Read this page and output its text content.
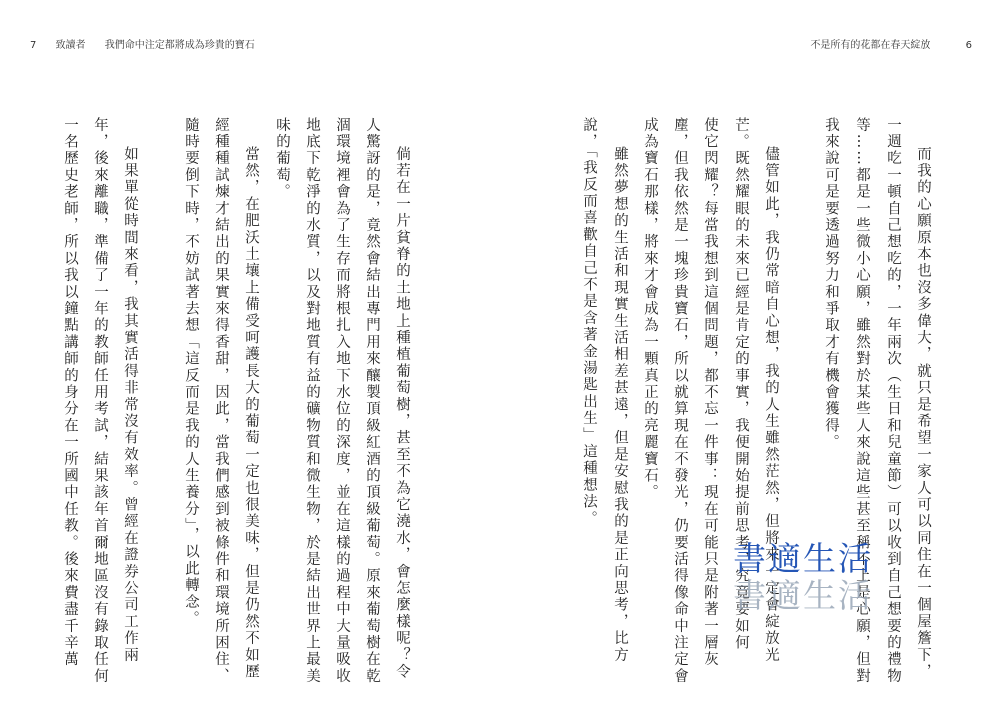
7 致讀者 我們命中注定都將成為珍貴的寶石	不是所有的花都在春天綻放	6
而我的心願原本也沒多偉大，就只是希望一家人可以同住在一個屋簷下，
一週吃一頓自己想吃的，一年兩次（生日和兒童節）可以收到自己想要的禮物
等……都是一些微小心願，雖然對於某些人來說這些甚至稱不上是心願，但對
我來說可是要透過努力和爭取才有機會獲得。
儘管如此，我仍常暗自心想，我的人生雖然茫然，但將來一定會綻放光
芒。既然耀眼的未來已經是肯定的事實，我便開始提前思考，究竟要如何
使它閃耀？每當我想到這個問題，都不忘一件事：現在可能只是附著一層灰
塵，但我依然是一塊珍貴寶石，所以就算現在不發光，仍要活得像命中注定會
成為寶石那樣，將來才會成為一顆真正的亮麗寶石。
雖然夢想的生活和現實生活相差甚遠，但是安慰我的是正向思考，比方
說，「我反而喜歡自己不是含著金湯匙出生」這種想法。
倘若在一片貧脊的土地上種植葡萄樹，甚至不為它澆水，會怎麼樣呢？令
人驚訝的是，竟然會結出專門用來釀製頂級紅酒的頂級葡萄。原來葡萄樹在乾
涸環境裡會為了生存而將根扎入地下水位的深度，並在這樣的過程中大量吸收
地底下乾淨的水質，以及對地質有益的礦物質和微生物，於是結出世界上最美
味的葡萄。
當然，在肥沃土壤上備受呵護長大的葡萄一定也很美味，但是仍然不如歷
經種種試煉才結出的果實來得香甜，因此，當我們感到被條件和環境所困住、
隨時要倒下時，不妨試著去想「這反而是我的人生養分」，以此轉念。
如果單從時間來看，我其實活得非常沒有效率。曾經在證券公司工作兩
年，後來離職，準備了一年的教師任用考試，結果該年首爾地區沒有錄取任何
一名歷史老師，所以我以鐘點講師的身分在一所國中任教。後來費盡千辛萬	書適生活
書適生活
